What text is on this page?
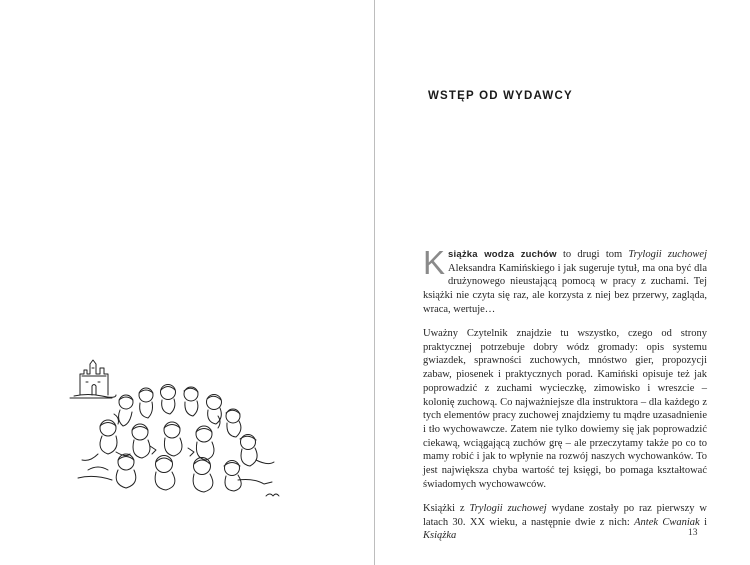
WSTĘP OD WYDAWCY

Książka wodza zuchów to drugi tom Trylogii zuchowej Aleksandra Kamińskiego i jak sugeruje tytuł, ma ona być dla drużynowego nieustającą pomocą w pracy z zuchami. Tej książki nie czyta się raz, ale korzysta z niej bez przerwy, zagląda, wraca, wertuje…

Uważny Czytelnik znajdzie tu wszystko, czego od strony praktycznej potrzebuje dobry wódz gromady: opis systemu gwiazdek, sprawności zuchowych, mnóstwo gier, propozycji zabaw, piosenek i praktycznych porad. Kamiński opisuje też jak poprowadzić z zuchami wycieczkę, zimowisko i wreszcie – kolonię zuchową. Co najważniejsze dla instruktora – dla każdego z tych elementów pracy zuchowej znajdziemy tu mądre uzasadnienie i tło wychowawcze. Zatem nie tylko dowiemy się jak poprowadzić ciekawą, wciągającą zuchów grę – ale przeczytamy także po co to mamy robić i jak to wpłynie na rozwój naszych wychowanków. To jest największa chyba wartość tej księgi, bo pomaga kształtować świadomych wychowawców.

Książki z Trylogii zuchowej wydane zostały po raz pierwszy w latach 30. XX wieku, a następnie dwie z nich: Antek Cwaniak i Książka	13
